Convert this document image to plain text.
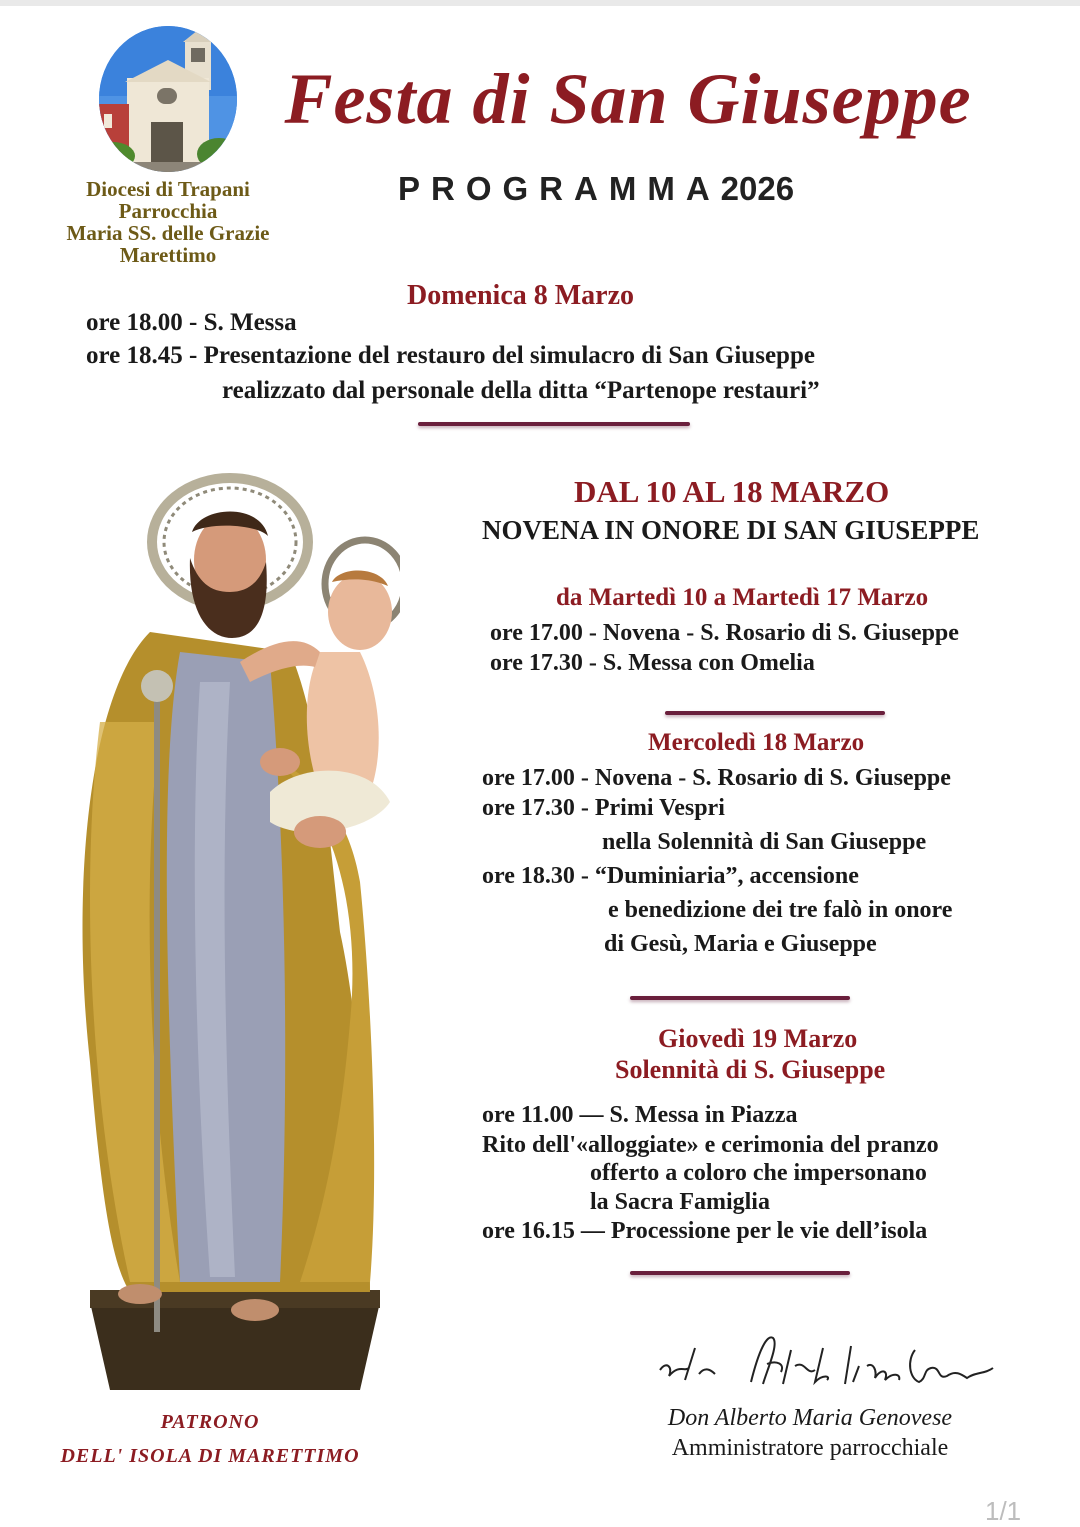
Diocesi di Trapani
Parrocchia
Maria SS. delle Grazie
Marettimo
Festa di San Giuseppe
PROGRAMMA2026
Domenica 8 Marzo
ore 18.00 - S. Messa
ore 18.45 - Presentazione del restauro del simulacro di San Giuseppe
realizzato dal personale della ditta “Partenope restauri”
DAL 10 AL 18 MARZO
NOVENA IN ONORE DI SAN GIUSEPPE
da Martedì 10 a Martedì 17 Marzo
ore 17.00 - Novena - S. Rosario di S. Giuseppe
ore 17.30 - S. Messa con Omelia
Mercoledì 18 Marzo
ore 17.00 - Novena - S. Rosario di S. Giuseppe
ore 17.30 - Primi Vespri
nella Solennità di San Giuseppe
ore 18.30 - “Duminiaria”, accensione
e benedizione dei tre falò in onore
di Gesù, Maria e Giuseppe
Giovedì 19 Marzo
Solennità di S. Giuseppe
ore 11.00 — S. Messa in Piazza
Rito dell'«alloggiate» e cerimonia del pranzo
offerto a coloro che impersonano
la Sacra Famiglia
ore 16.15 — Processione per le vie dell’isola
PATRONO
DELL' ISOLA DI MARETTIMO
Don Alberto Maria Genovese
Amministratore parrocchiale
1/1
